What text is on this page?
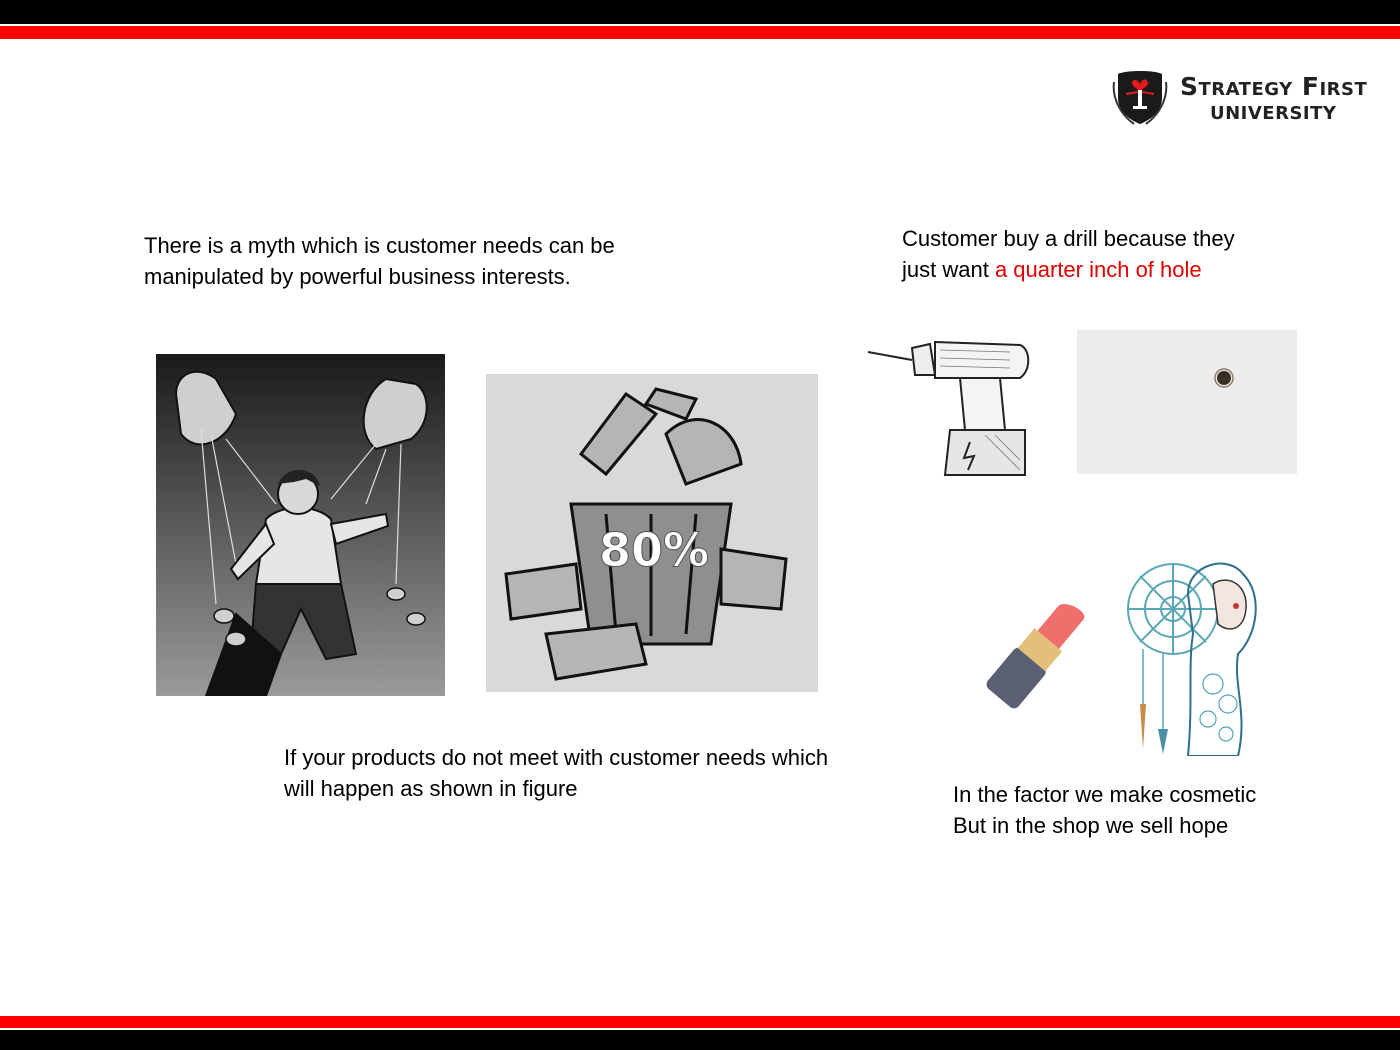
Strategy First
UNIVERSITY
There is a myth which is customer needs can be manipulated by powerful business interests.
Customer buy a drill because they just want a quarter inch of hole
80%
If your products do not meet with customer needs which will happen as shown in figure	In the factor we make cosmetic
But in the shop we sell hope
